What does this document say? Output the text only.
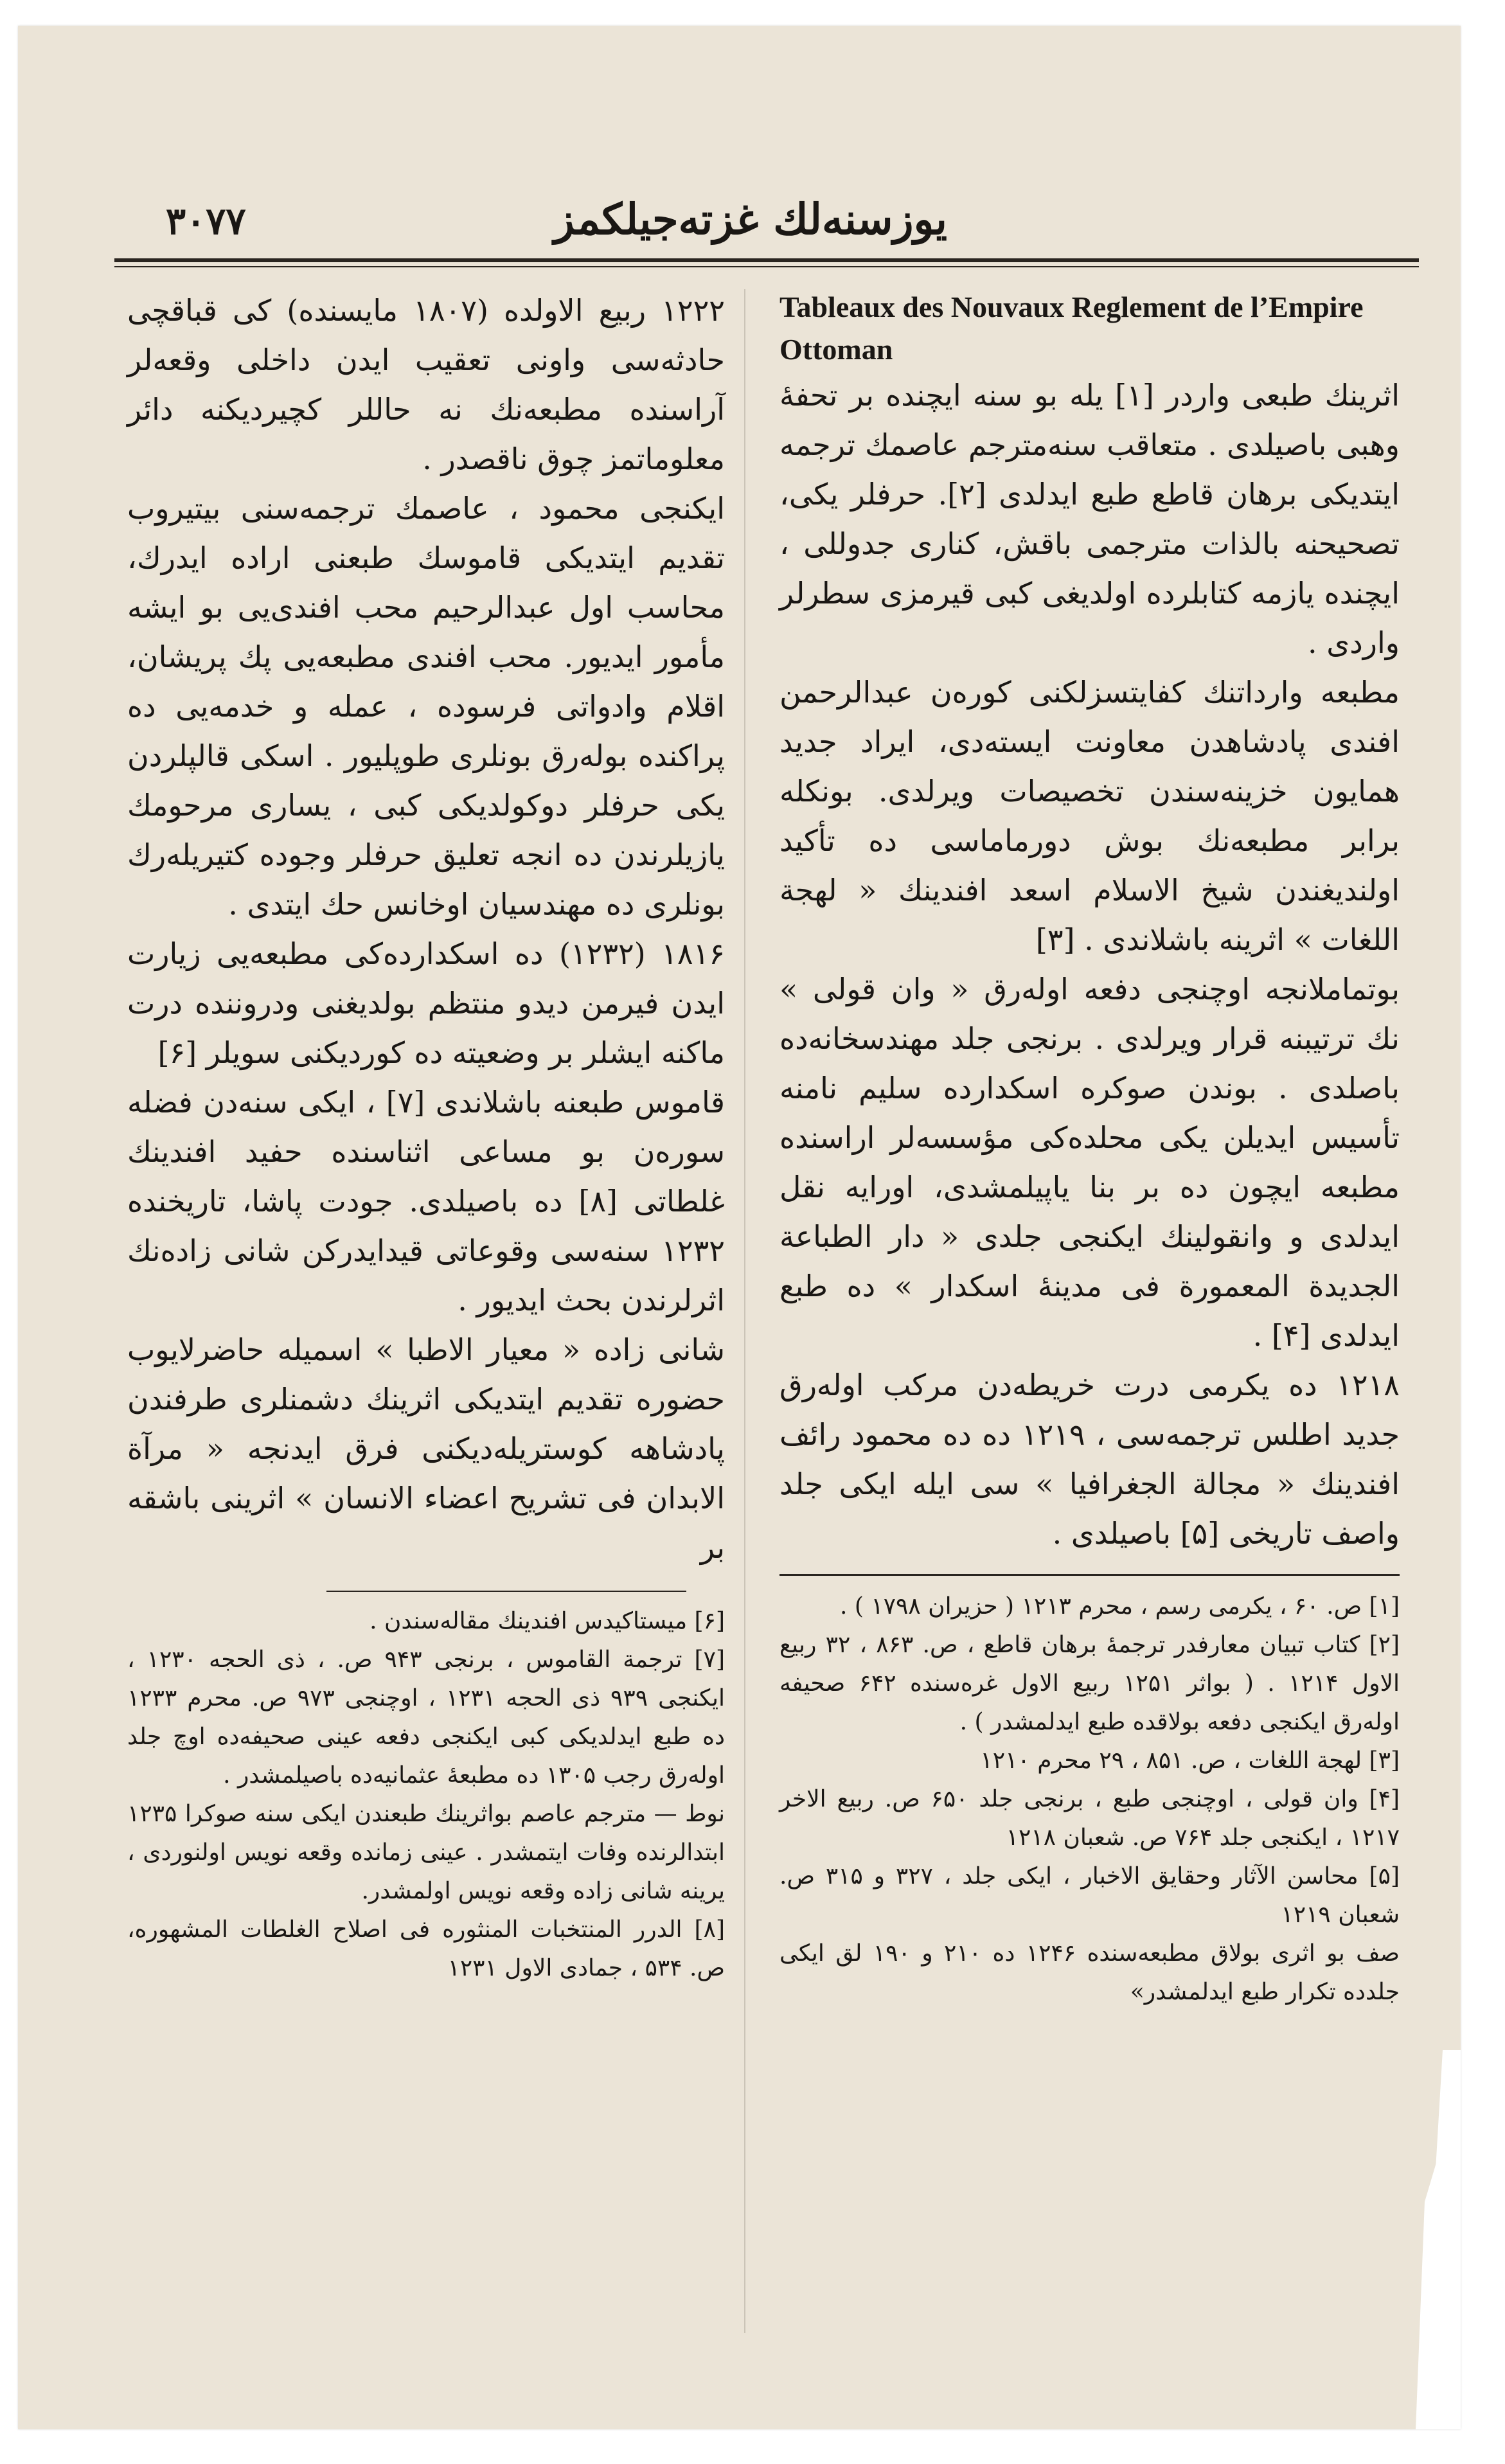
۳۰۷۷	یوزسنه‌لك غزته‌جیلكمز

Tableaux des Nouvaux Reglement de l’Empire Ottoman

اثرینك طبعی واردر [۱] یله بو سنه ایچنده بر تحفهٔ وهبی باصیلدی . متعاقب سنه‌مترجم عاصمك ترجمه ایتدیكی برهان قاطع طبع ایدلدی [۲]. حرفلر یكی، تصحیحنه بالذات مترجمی باقش، كناری جدوللی ، ایچنده یازمه كتابلرده اولدیغی كبی قیرمزی سطرلر واردی .

مطبعه وارداتنك كفایتسزلكنی كوره‌ن عبدالرحمن افندی پادشاهدن معاونت ایسته‌دی، ایراد جدید همایون خزینه‌سندن تخصیصات ویرلدی. بونكله برابر مطبعه‌نك بوش دورماماسی ده تأكید اولندیغندن شیخ الاسلام اسعد افندینك « لهجة اللغات » اثرینه باشلاندی . [۳]

بوتماملانجه اوچنجی دفعه اوله‌رق « وان قولی » نك ترتیبنه قرار ویرلدی . برنجی جلد مهندسخانه‌ده باصلدی . بوندن صوكره اسكدارده سلیم نامنه تأسیس ایدیلن یكی محلده‌كی مؤسسه‌لر اراسنده مطبعه‌ ایچون ده بر بنا یاپیلمشدی، اورایه نقل ایدلدی و وانقولینك ایكنجی جلدی « دار الطباعة الجدیدة المعمورة فی مدینهٔ اسكدار » ده طبع ایدلدی [۴] .

۱۲۱۸ ده یكرمی درت خریطه‌دن مركب اوله‌رق جدید اطلس ترجمه‌سی ، ۱۲۱۹ ده ده محمود رائف افندینك « مجالة الجغرافیا » سی ایله ایكی جلد واصف تاریخی [۵] باصیلدی .

[۱] ص. ۶۰ ، یكرمی رسم ، محرم ۱۲۱۳ ( حزیران ۱۷۹۸ ) .

[۲] كتاب تبیان معارفدر ترجمهٔ برهان قاطع ، ص. ۸۶۳ ، ۳۲ ربیع الاول ۱۲۱۴ . ( بواثر ۱۲۵۱ ربیع الاول غره‌سنده ۶۴۲ صحیفه اوله‌رق ایكنجی دفعه بولاقده طبع ایدلمشدر ) .

[۳] لهجة اللغات ، ص. ۸۵۱ ، ۲۹ محرم ۱۲۱۰

[۴] وان قولی ، اوچنجی طبع ، برنجی جلد ۶۵۰ ص. ربیع الاخر ۱۲۱۷ ، ایكنجی جلد ۷۶۴ ص. شعبان ۱۲۱۸

[۵] محاسن الآثار وحقایق الاخبار ، ایكی جلد ، ۳۲۷ و ۳۱۵ ص. شعبان ۱۲۱۹

صف بو اثری بولاق مطبعه‌سنده ۱۲۴۶ ده ۲۱۰ و ۱۹۰ لق ایكی جلدده تكرار طبع ایدلمشدر»

۱۲۲۲ ربیع الاولده (۱۸۰۷ مایسنده) كی قباقچی حادثه‌سی واونی تعقیب ایدن داخلی وقعه‌لر آراسنده مطبعه‌نك نه حاللر كچیردیكنه دائر معلوماتمز چوق ناقصدر .

ایكنجی محمود ، عاصمك ترجمه‌سنی بیتیروب تقدیم ایتدیكی قاموسك طبعنی اراده ایدرك، محاسب اول عبدالرحیم محب افندی‌یی بو ایشه مأمور ایدیور. محب افندی مطبعه‌یی پك پریشان، اقلام وادواتی فرسوده ، عمله و خدمه‌یی ده پراكنده بوله‌رق بونلری طوپلیور . اسكی قالپلردن یكی حرفلر دوكولدیكی كبی ، یساری مرحومك یازیلرندن ده انجه تعلیق حرفلر وجوده كتیریله‌رك بونلری ده مهندسیان اوخانس حك ایتدی .

۱۸۱۶ (۱۲۳۲) ده اسكدارده‌كی مطبعه‌یی زیارت ایدن فیرمن دیدو منتظم بولدیغنی ودروننده درت ماكنه ایشلر بر وضعیته ده كوردیكنی سویلر [۶]

قاموس طبعنه باشلاندی [۷] ، ایكی سنه‌دن فضله سوره‌ن بو مساعی اثناسنده حفید افندینك غلطاتی [۸] ده باصیلدی. جودت پاشا، تاریخنده ۱۲۳۲ سنه‌سی وقوعاتی قیدایدركن شانی زاده‌نك اثرلرندن بحث ایدیور .

شانی زاده « معیار الاطبا » اسمیله حاضرلایوب حضوره تقدیم ایتدیكی اثرینك دشمنلری طرفندن پادشاهه كوستریله‌دیكنی فرق ایدنجه « مرآة الابدان فی تشریح اعضاء الانسان » اثرینی باشقه بر

[۶] میستاكیدس افندینك مقاله‌سندن .

[۷] ترجمة القاموس ، برنجی ۹۴۳ ص. ، ذی الحجه ۱۲۳۰ ، ایكنجی ۹۳۹ ذی الحجه ۱۲۳۱ ، اوچنجی ۹۷۳ ص. محرم ۱۲۳۳ ده طبع ایدلدیكی كبی ایكنجی دفعه عینی صحیفه‌ده اوچ جلد اوله‌رق رجب ۱۳۰۵ ده مطبعهٔ عثمانیه‌ده باصیلمشدر .

نوط — مترجم عاصم بواثرینك طبعندن ایكی سنه صوكرا ۱۲۳۵ ابتدالرنده وفات ایتمشدر . عینی زمانده وقعه نویس اولنوردی ، یرینه شانی زاده وقعه نویس اولمشدر.

[۸] الدرر المنتخبات المنثوره فی اصلاح الغلطات المشهوره، ص. ۵۳۴ ، جمادی الاول ۱۲۳۱
